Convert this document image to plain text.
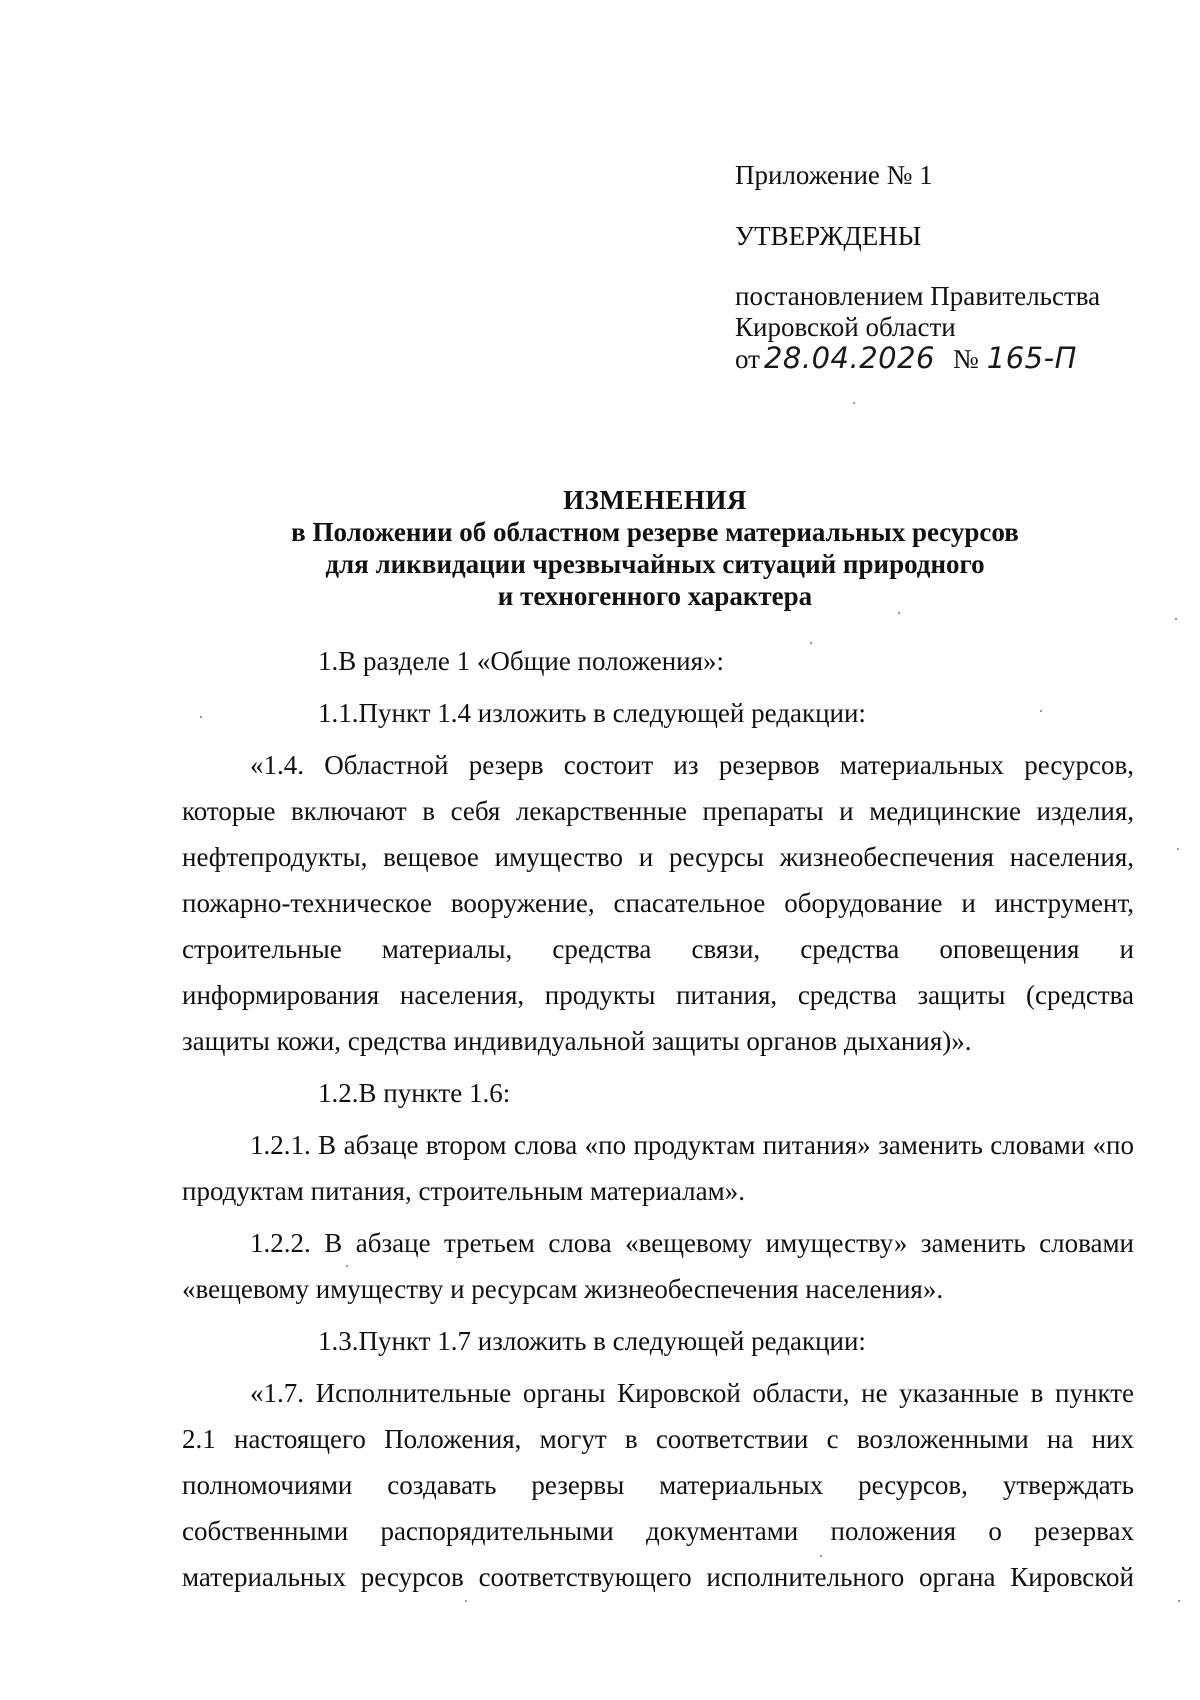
Приложение № 1
УТВЕРЖДЕНЫ
постановлением Правительства
Кировской области
от 28.04.2026 № 165-П
ИЗМЕНЕНИЯ
в Положении об областном резерве материальных ресурсов
для ликвидации чрезвычайных ситуаций природного
и техногенного характера
1.В разделе 1 «Общие положения»:
1.1.Пункт 1.4 изложить в следующей редакции:
«1.4. Областной резерв состоит из резервов материальных ресурсов, которые включают в себя лекарственные препараты и медицинские изделия, нефтепродукты, вещевое имущество и ресурсы жизнеобеспечения населения, пожарно-техническое вооружение, спасательное оборудование и инструмент, строительные материалы, средства связи, средства оповещения и информирования населения, продукты питания, средства защиты (средства защиты кожи, средства индивидуальной защиты органов дыхания)».
1.2.В пункте 1.6:
1.2.1. В абзаце втором слова «по продуктам питания» заменить словами «по продуктам питания, строительным материалам».
1.2.2. В абзаце третьем слова «вещевому имуществу» заменить словами «вещевому имуществу и ресурсам жизнеобеспечения населения».
1.3.Пункт 1.7 изложить в следующей редакции:
«1.7. Исполнительные органы Кировской области, не указанные в пункте 2.1 настоящего Положения, могут в соответствии с возложенными на них полномочиями создавать резервы материальных ресурсов, утверждать собственными распорядительными документами положения о резервах материальных ресурсов соответствующего исполнительного органа Кировской
